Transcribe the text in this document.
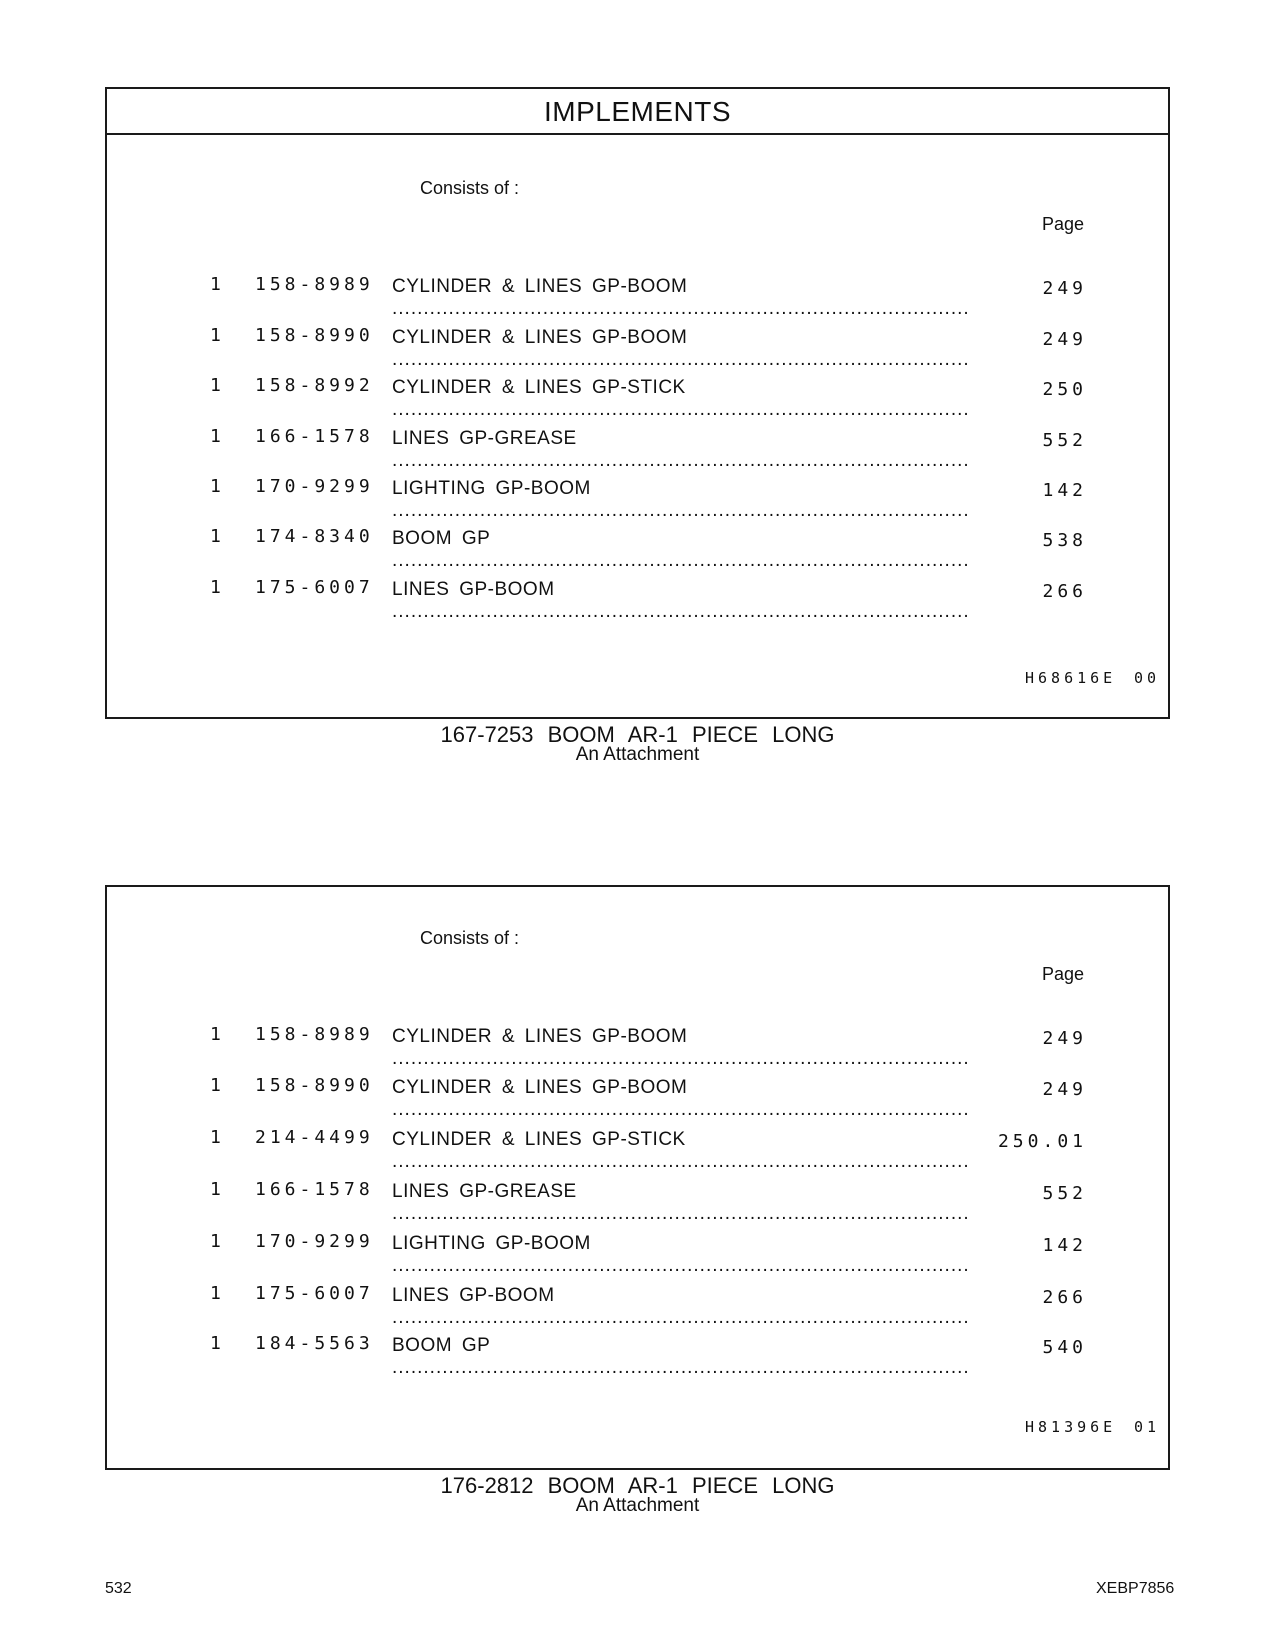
IMPLEMENTS
Consists of :
Page
1 158-8989 CYLINDER & LINES GP-BOOM .....	249
1 158-8990 CYLINDER & LINES GP-BOOM .....	249
1 158-8992 CYLINDER & LINES GP-STICK .....	250
1 166-1578 LINES GP-GREASE .....	552
1 170-9299 LIGHTING GP-BOOM .....	142
1 174-8340 BOOM GP .....	538
1 175-6007 LINES GP-BOOM .....	266
H68616E 00
167-7253 BOOM AR-1 PIECE LONG
An Attachment
Consists of :
Page
1 158-8989 CYLINDER & LINES GP-BOOM .....	249
1 158-8990 CYLINDER & LINES GP-BOOM .....	249
1 214-4499 CYLINDER & LINES GP-STICK .....	250.01
1 166-1578 LINES GP-GREASE .....	552
1 170-9299 LIGHTING GP-BOOM .....	142
1 175-6007 LINES GP-BOOM .....	266
1 184-5563 BOOM GP .....	540
H81396E 01
176-2812 BOOM AR-1 PIECE LONG
An Attachment
532	XEBP7856
